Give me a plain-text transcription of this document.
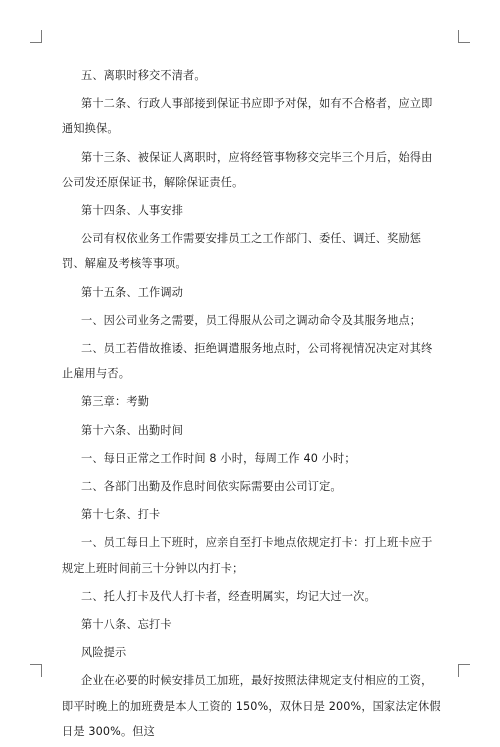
五、离职时移交不清者。

第十二条、行政人事部接到保证书应即予对保，如有不合格者，应立即通知换保。

第十三条、被保证人离职时，应将经管事物移交完毕三个月后，始得由公司发还原保证书，解除保证责任。

第十四条、人事安排

公司有权依业务工作需要安排员工之工作部门、委任、调迁、奖励惩罚、解雇及考核等事项。

第十五条、工作调动

一、因公司业务之需要，员工得服从公司之调动命令及其服务地点；

二、员工若借故推诿、拒绝调遣服务地点时，公司将视情况决定对其终止雇用与否。

第三章：考勤

第十六条、出勤时间

一、每日正常之工作时间 8 小时，每周工作 40 小时；

二、各部门出勤及作息时间依实际需要由公司订定。

第十七条、打卡

一、员工每日上下班时，应亲自至打卡地点依规定打卡：打上班卡应于规定上班时间前三十分钟以内打卡；

二、托人打卡及代人打卡者，经查明属实，均记大过一次。

第十八条、忘打卡

风险提示

企业在必要的时候安排员工加班，最好按照法律规定支付相应的工资，即平时晚上的加班费是本人工资的 150%，双休日是 200%，国家法定休假日是 300%。但这
